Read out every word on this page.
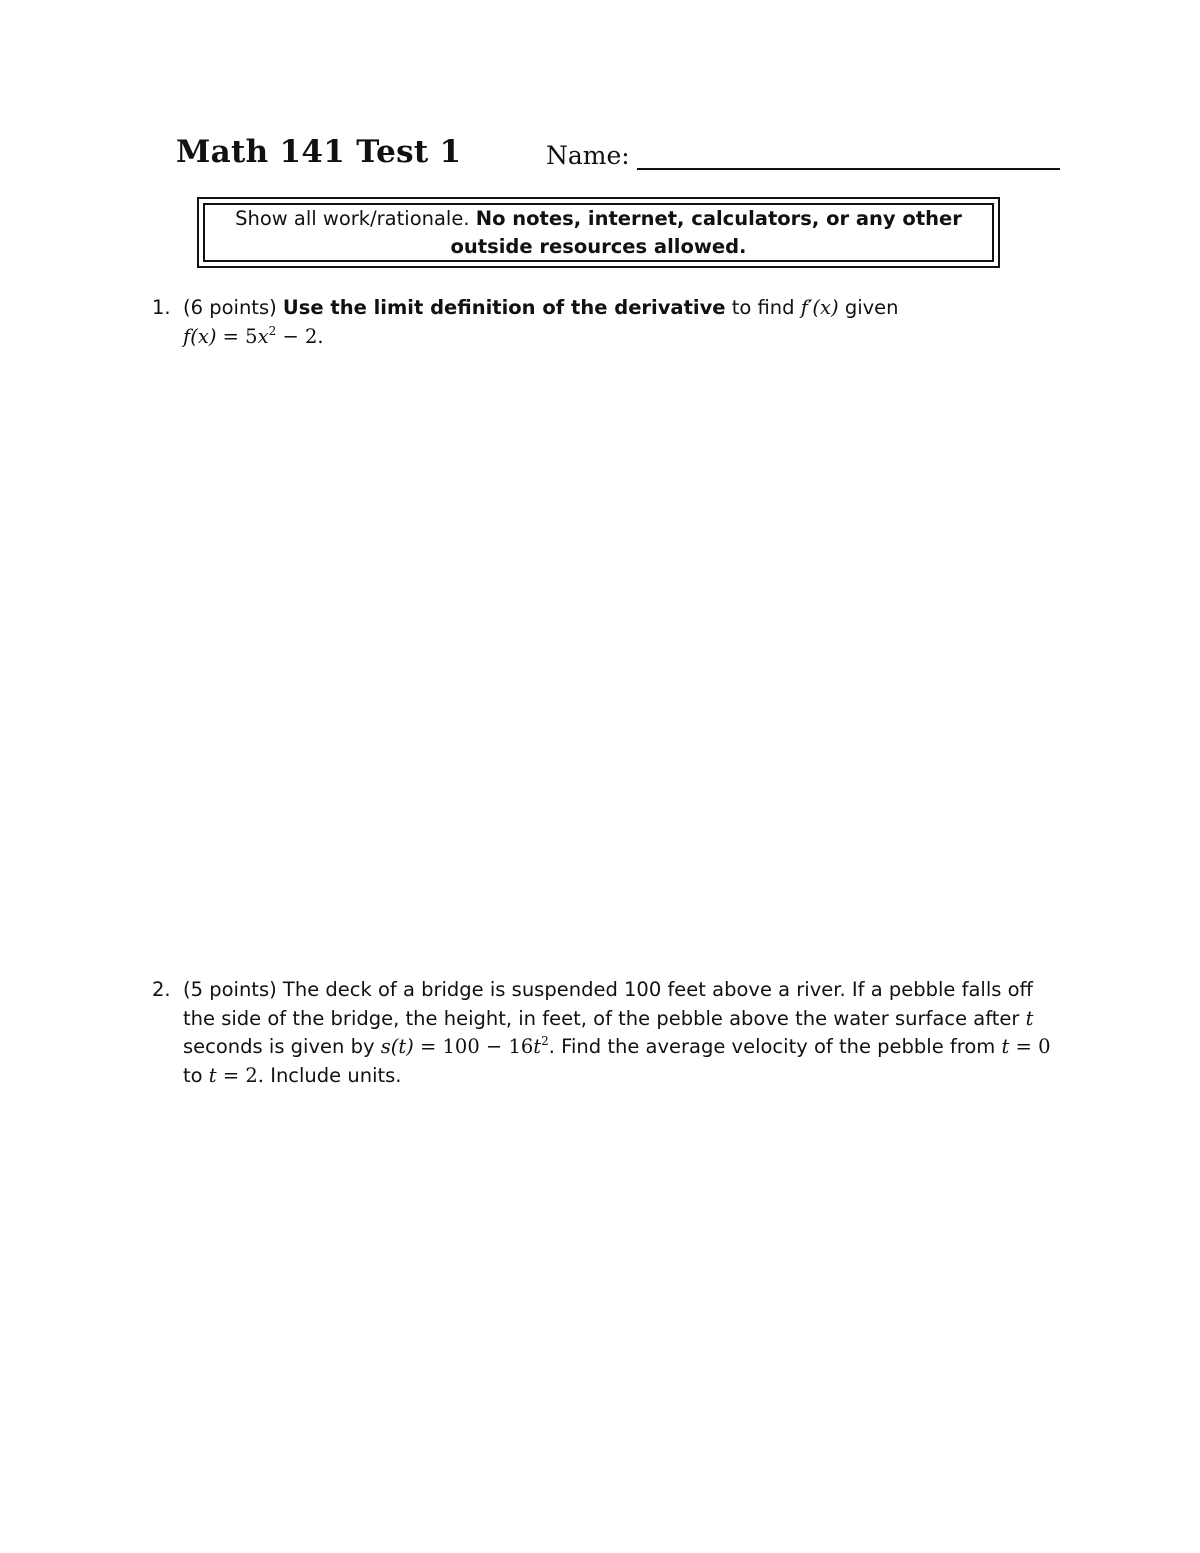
Math 141 Test 1	Name:
Show all work/rationale. No notes, internet, calculators, or any other outside resources allowed.
1. (6 points) Use the limit definition of the derivative to find f′(x) given
$f(x) = 5x^2 - 2$.
2. (5 points) The deck of a bridge is suspended 100 feet above a river. If a pebble falls off the side of the bridge, the height, in feet, of the pebble above the water surface after t seconds is given by $s(t) = 100 - 16t^2$. Find the average velocity of the pebble from t = 0 to t = 2. Include units.
